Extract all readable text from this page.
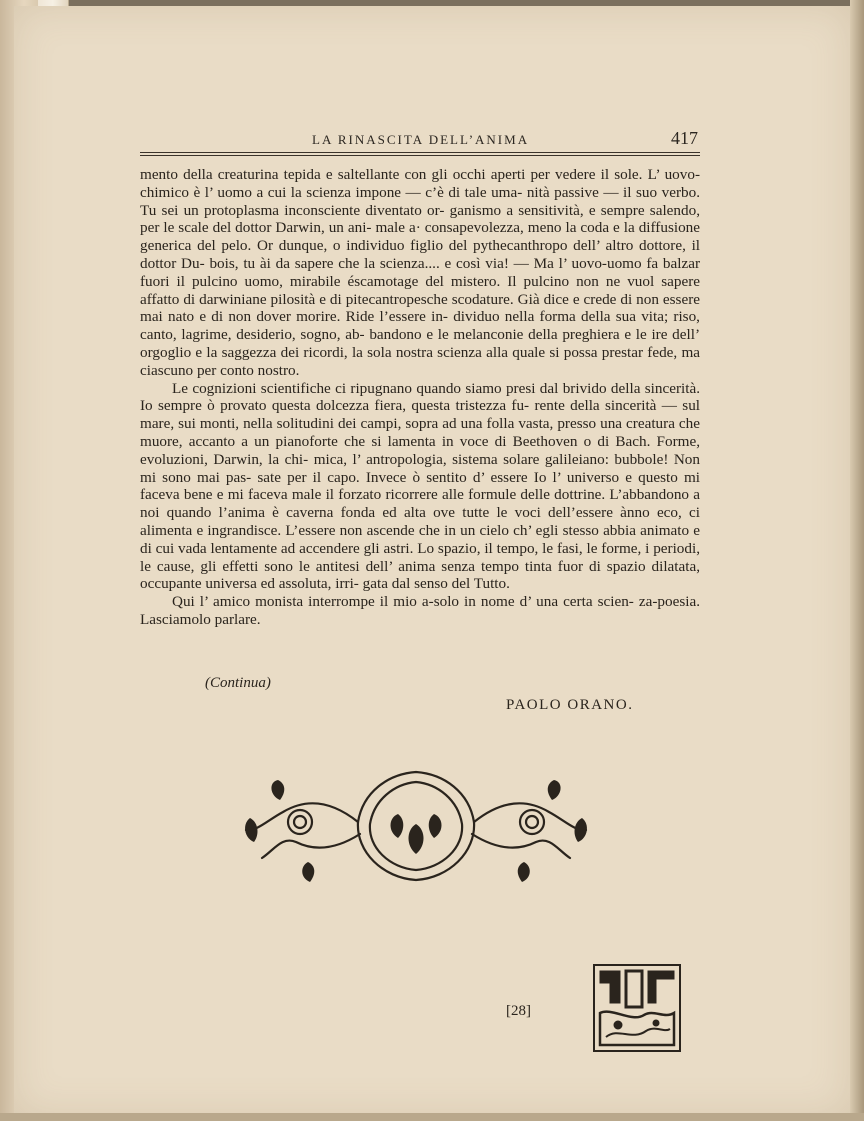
LA RINASCITA DELL’ANIMA	417

mento della creaturina tepida e saltellante con gli occhi aperti per vedere il sole. L’ uovo-chimico è l’ uomo a cui la scienza impone — c’è di tale uma- nità passive — il suo verbo. Tu sei un protoplasma inconsciente diventato or- ganismo a sensitività, e sempre salendo, per le scale del dottor Darwin, un ani- male a· consapevolezza, meno la coda e la diffusione generica del pelo. Or dunque, o individuo figlio del pythecanthropo dell’ altro dottore, il dottor Du- bois, tu ài da sapere che la scienza.... e così via! — Ma l’ uovo-uomo fa balzar fuori il pulcino uomo, mirabile éscamotage del mistero. Il pulcino non ne vuol sapere affatto di darwiniane pilosità e di pitecantropesche scodature. Già dice e crede di non essere mai nato e di non dover morire. Ride l’essere in- dividuo nella forma della sua vita; riso, canto, lagrime, desiderio, sogno, ab- bandono e le melanconie della preghiera e le ire dell’ orgoglio e la saggezza dei ricordi, la sola nostra scienza alla quale si possa prestar fede, ma ciascuno per conto nostro.

Le cognizioni scientifiche ci ripugnano quando siamo presi dal brivido della sincerità. Io sempre ò provato questa dolcezza fiera, questa tristezza fu- rente della sincerità — sul mare, sui monti, nella solitudini dei campi, sopra ad una folla vasta, presso una creatura che muore, accanto a un pianoforte che si lamenta in voce di Beethoven o di Bach. Forme, evoluzioni, Darwin, la chi- mica, l’ antropologia, sistema solare galileiano: bubbole! Non mi sono mai pas- sate per il capo. Invece ò sentito d’ essere Io l’ universo e questo mi faceva bene e mi faceva male il forzato ricorrere alle formule delle dottrine. L’abbandono a noi quando l’anima è caverna fonda ed alta ove tutte le voci dell’essere ànno eco, ci alimenta e ingrandisce. L’essere non ascende che in un cielo ch’ egli stesso abbia animato e di cui vada lentamente ad accendere gli astri. Lo spazio, il tempo, le fasi, le forme, i periodi, le cause, gli effetti sono le antitesi dell’ anima senza tempo tinta fuor di spazio dilatata, occupante universa ed assoluta, irri- gata dal senso del Tutto.

Qui l’ amico monista interrompe il mio a-solo in nome d’ una certa scien- za-poesia. Lasciamolo parlare.

(Continua)
PAOLO ORANO.
[28]
